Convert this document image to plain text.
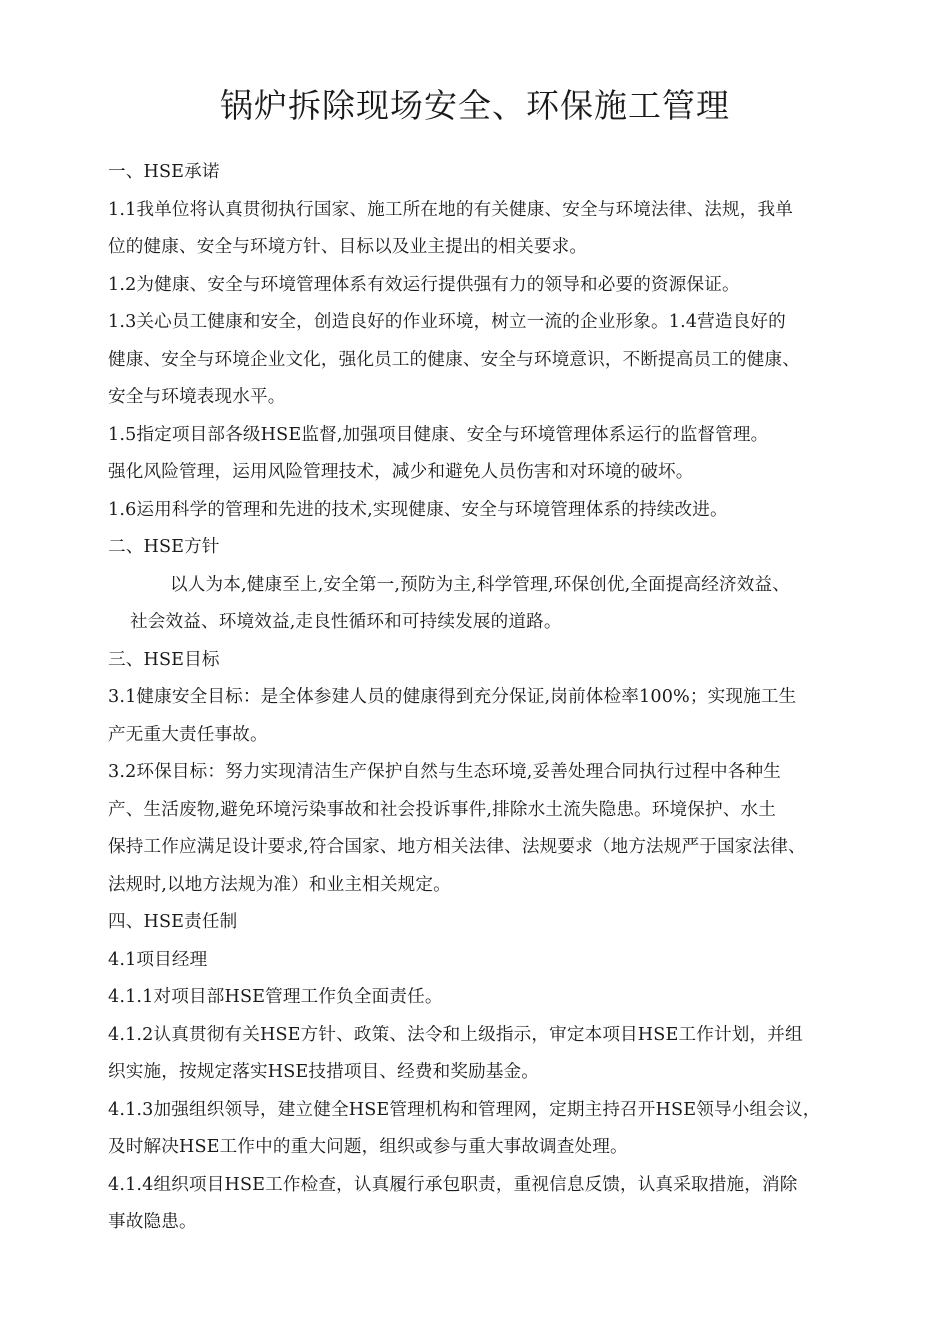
锅炉拆除现场安全、环保施工管理

一、HSE承诺

1.1我单位将认真贯彻执行国家、施工所在地的有关健康、安全与环境法律、法规，我单

位的健康、安全与环境方针、目标以及业主提出的相关要求。

1.2为健康、安全与环境管理体系有效运行提供强有力的领导和必要的资源保证。

1.3关心员工健康和安全，创造良好的作业环境，树立一流的企业形象。1.4营造良好的

健康、安全与环境企业文化，强化员工的健康、安全与环境意识，不断提高员工的健康、

安全与环境表现水平。

1.5指定项目部各级HSE监督,加强项目健康、安全与环境管理体系运行的监督管理。

强化风险管理，运用风险管理技术，减少和避免人员伤害和对环境的破坏。

1.6运用科学的管理和先进的技术,实现健康、安全与环境管理体系的持续改进。

二、HSE方针

以人为本,健康至上,安全第一,预防为主,科学管理,环保创优,全面提高经济效益、

社会效益、环境效益,走良性循环和可持续发展的道路。

三、HSE目标

3.1健康安全目标：是全体参建人员的健康得到充分保证,岗前体检率100%；实现施工生

产无重大责任事故。

3.2环保目标：努力实现清洁生产保护自然与生态环境,妥善处理合同执行过程中各种生

产、生活废物,避免环境污染事故和社会投诉事件,排除水土流失隐患。环境保护、水土

保持工作应满足设计要求,符合国家、地方相关法律、法规要求（地方法规严于国家法律、

法规时,以地方法规为准）和业主相关规定。

四、HSE责任制

4.1项目经理

4.1.1对项目部HSE管理工作负全面责任。

4.1.2认真贯彻有关HSE方针、政策、法令和上级指示，审定本项目HSE工作计划，并组

织实施，按规定落实HSE技措项目、经费和奖励基金。

4.1.3加强组织领导，建立健全HSE管理机构和管理网，定期主持召开HSE领导小组会议，

及时解决HSE工作中的重大问题，组织或参与重大事故调查处理。

4.1.4组织项目HSE工作检查，认真履行承包职责，重视信息反馈，认真采取措施，消除

事故隐患。
